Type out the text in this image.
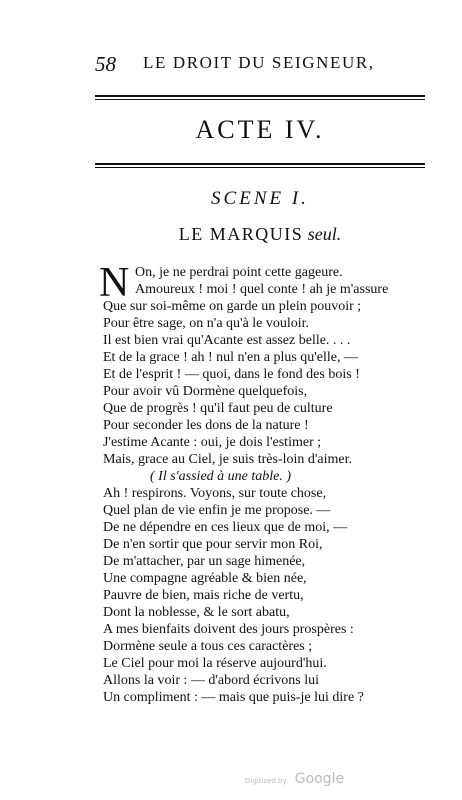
58 LE DROIT DU SEIGNEUR,
ACTE IV.
SCENE I.
LE MARQUIS seul.
N On, je ne perdrai point cette gageure.
Amoureux ! moi ! quel conte ! ah je m'assure
Que sur soi-même on garde un plein pouvoir ;
Pour être sage, on n'a qu'à le vouloir.
Il est bien vrai qu'Acante est assez belle. . . .
Et de la grace ! ah ! nul n'en a plus qu'elle, —
Et de l'esprit ! — quoi, dans le fond des bois !
Pour avoir vû Dormène quelquefois,
Que de progrès ! qu'il faut peu de culture
Pour seconder les dons de la nature !
J'estime Acante : oui, je dois l'estimer ;
Mais, grace au Ciel, je suis très-loin d'aimer.
( Il s'assied à une table. )
Ah ! respirons. Voyons, sur toute chose,
Quel plan de vie enfin je me propose. —
De ne dépendre en ces lieux que de moi, —
De n'en sortir que pour servir mon Roi,
De m'attacher, par un sage himenée,
Une compagne agréable & bien née,
Pauvre de bien, mais riche de vertu,
Dont la noblesse, & le sort abatu,
A mes bienfaits doivent des jours prospères :
Dormène seule a tous ces caractères ;
Le Ciel pour moi la réserve aujourd'hui.
Allons la voir : — d'abord écrivons lui
Un compliment : — mais que puis-je lui dire ?
Digitized by Google
